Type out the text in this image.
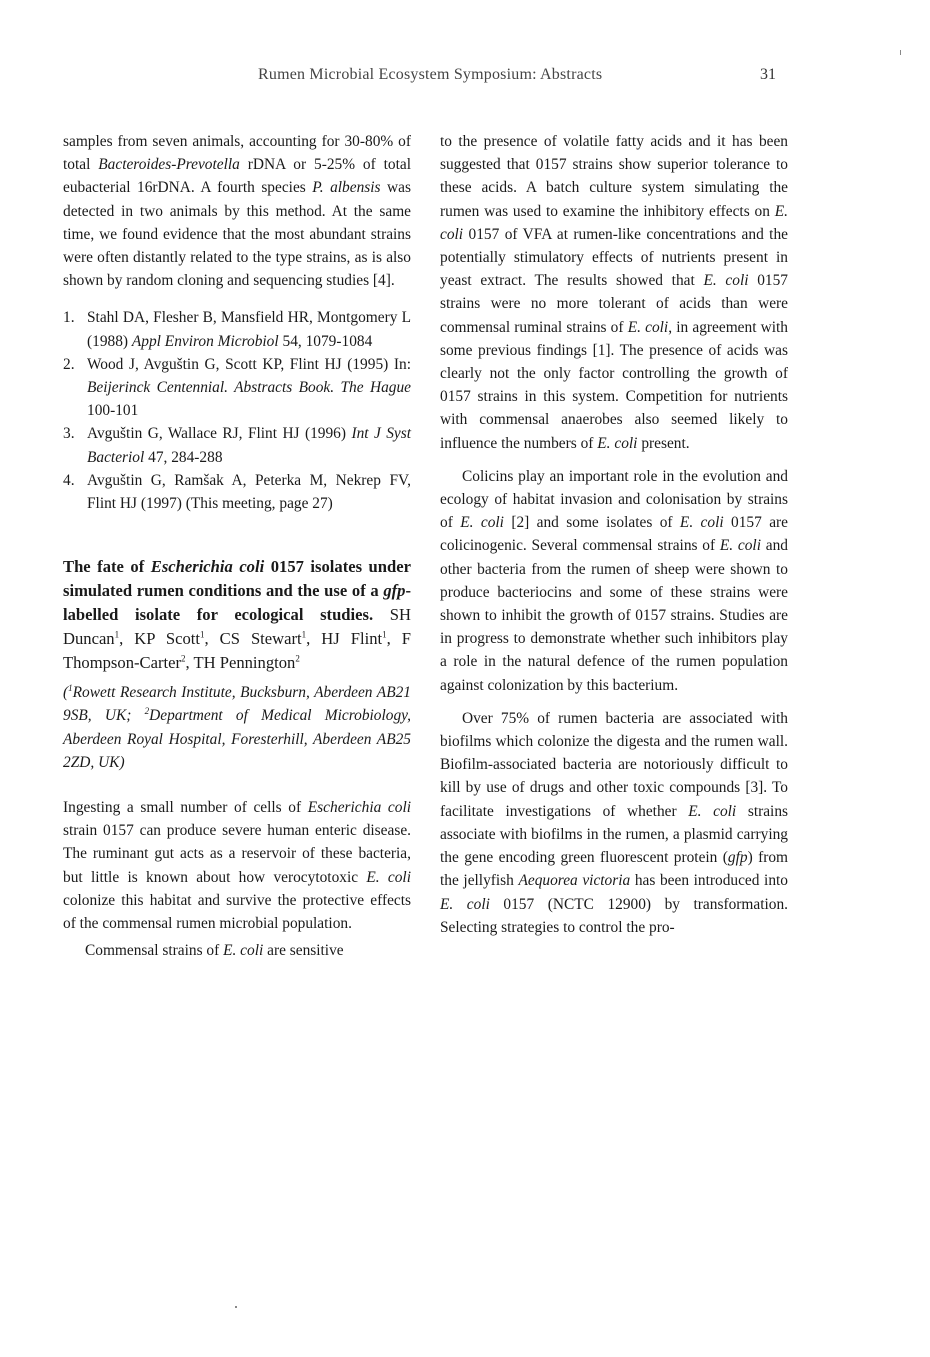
Rumen Microbial Ecosystem Symposium: Abstracts	31

samples from seven animals, accounting for 30-80% of total Bacteroides-Prevotella rDNA or 5-25% of total eubacterial 16rDNA. A fourth species P. albensis was detected in two animals by this method. At the same time, we found evidence that the most abundant strains were often distantly related to the type strains, as is also shown by random cloning and sequencing studies [4].

1. Stahl DA, Flesher B, Mansfield HR, Montgomery L (1988) Appl Environ Microbiol 54, 1079-1084
2. Wood J, Avguštin G, Scott KP, Flint HJ (1995) In: Beijerinck Centennial. Abstracts Book. The Hague 100-101
3. Avguštin G, Wallace RJ, Flint HJ (1996) Int J Syst Bacteriol 47, 284-288
4. Avguštin G, Ramšak A, Peterka M, Nekrep FV, Flint HJ (1997) (This meeting, page 27)
The fate of Escherichia coli 0157 isolates under simulated rumen conditions and the use of a gfp-labelled isolate for ecological studies. SH Duncan$^1$, KP Scott$^1$, CS Stewart$^1$, HJ Flint$^1$, F Thompson-Carter$^2$, TH Pennington$^2$

($^1$Rowett Research Institute, Bucksburn, Aberdeen AB21 9SB, UK; $^2$Department of Medical Microbiology, Aberdeen Royal Hospital, Foresterhill, Aberdeen AB25 2ZD, UK)

Ingesting a small number of cells of Escherichia coli strain 0157 can produce severe human enteric disease. The ruminant gut acts as a reservoir of these bacteria, but little is known about how verocytotoxic E. coli colonize this habitat and survive the protective effects of the commensal rumen microbial population.

Commensal strains of E. coli are sensitive

to the presence of volatile fatty acids and it has been suggested that 0157 strains show superior tolerance to these acids. A batch culture system simulating the rumen was used to examine the inhibitory effects on E. coli 0157 of VFA at rumen-like concentrations and the potentially stimulatory effects of nutrients present in yeast extract. The results showed that E. coli 0157 strains were no more tolerant of acids than were commensal ruminal strains of E. coli, in agreement with some previous findings [1]. The presence of acids was clearly not the only factor controlling the growth of 0157 strains in this system. Competition for nutrients with commensal anaerobes also seemed likely to influence the numbers of E. coli present.

Colicins play an important role in the evolution and ecology of habitat invasion and colonisation by strains of E. coli [2] and some isolates of E. coli 0157 are colicinogenic. Several commensal strains of E. coli and other bacteria from the rumen of sheep were shown to produce bacteriocins and some of these strains were shown to inhibit the growth of 0157 strains. Studies are in progress to demonstrate whether such inhibitors play a role in the natural defence of the rumen population against colonization by this bacterium.

Over 75% of rumen bacteria are associated with biofilms which colonize the digesta and the rumen wall. Biofilm-associated bacteria are notoriously difficult to kill by use of drugs and other toxic compounds [3]. To facilitate investigations of whether E. coli strains associate with biofilms in the rumen, a plasmid carrying the gene encoding green fluorescent protein (gfp) from the jellyfish Aequorea victoria has been introduced into E. coli 0157 (NCTC 12900) by transformation. Selecting strategies to control the pro-
